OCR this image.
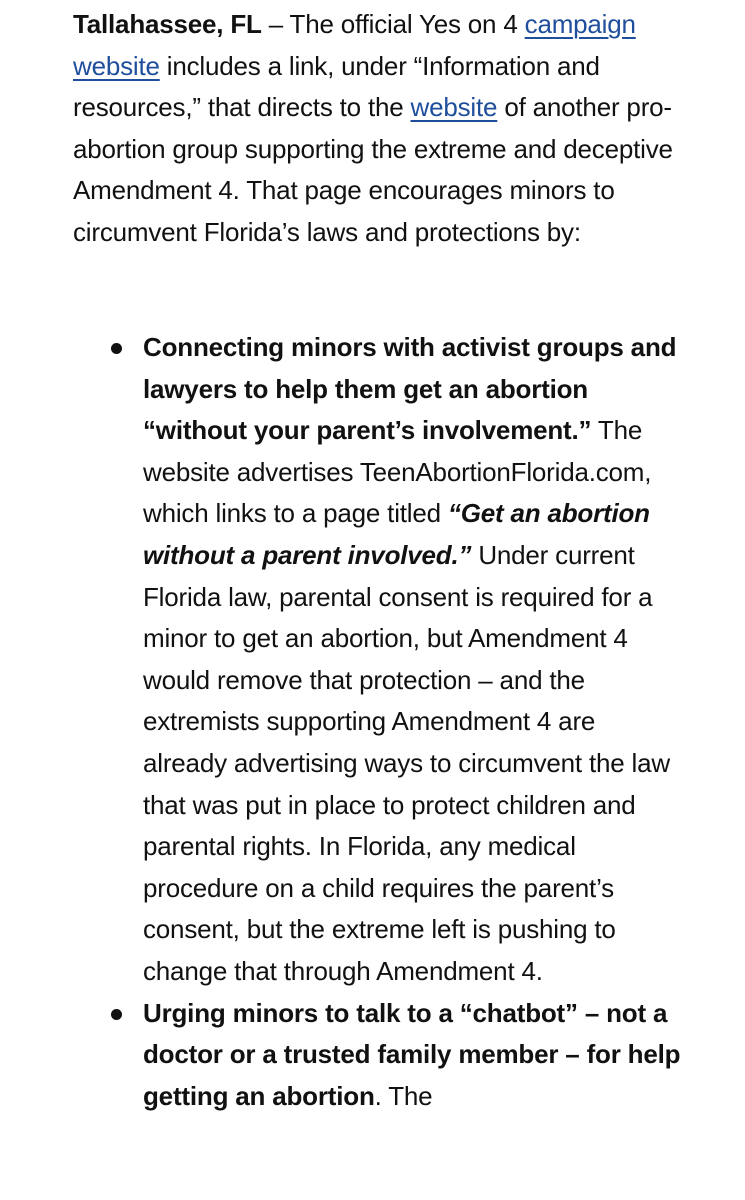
Tallahassee, FL – The official Yes on 4 campaign website includes a link, under “Information and resources,” that directs to the website of another pro-abortion group supporting the extreme and deceptive Amendment 4. That page encourages minors to circumvent Florida’s laws and protections by:

Connecting minors with activist groups and lawyers to help them get an abortion “without your parent’s involvement.” The website advertises TeenAbortionFlorida.com, which links to a page titled “Get an abortion without a parent involved.” Under current Florida law, parental consent is required for a minor to get an abortion, but Amendment 4 would remove that protection – and the extremists supporting Amendment 4 are already advertising ways to circumvent the law that was put in place to protect children and parental rights. In Florida, any medical procedure on a child requires the parent’s consent, but the extreme left is pushing to change that through Amendment 4.
Urging minors to talk to a “chatbot” – not a doctor or a trusted family member – for help getting an abortion. The
